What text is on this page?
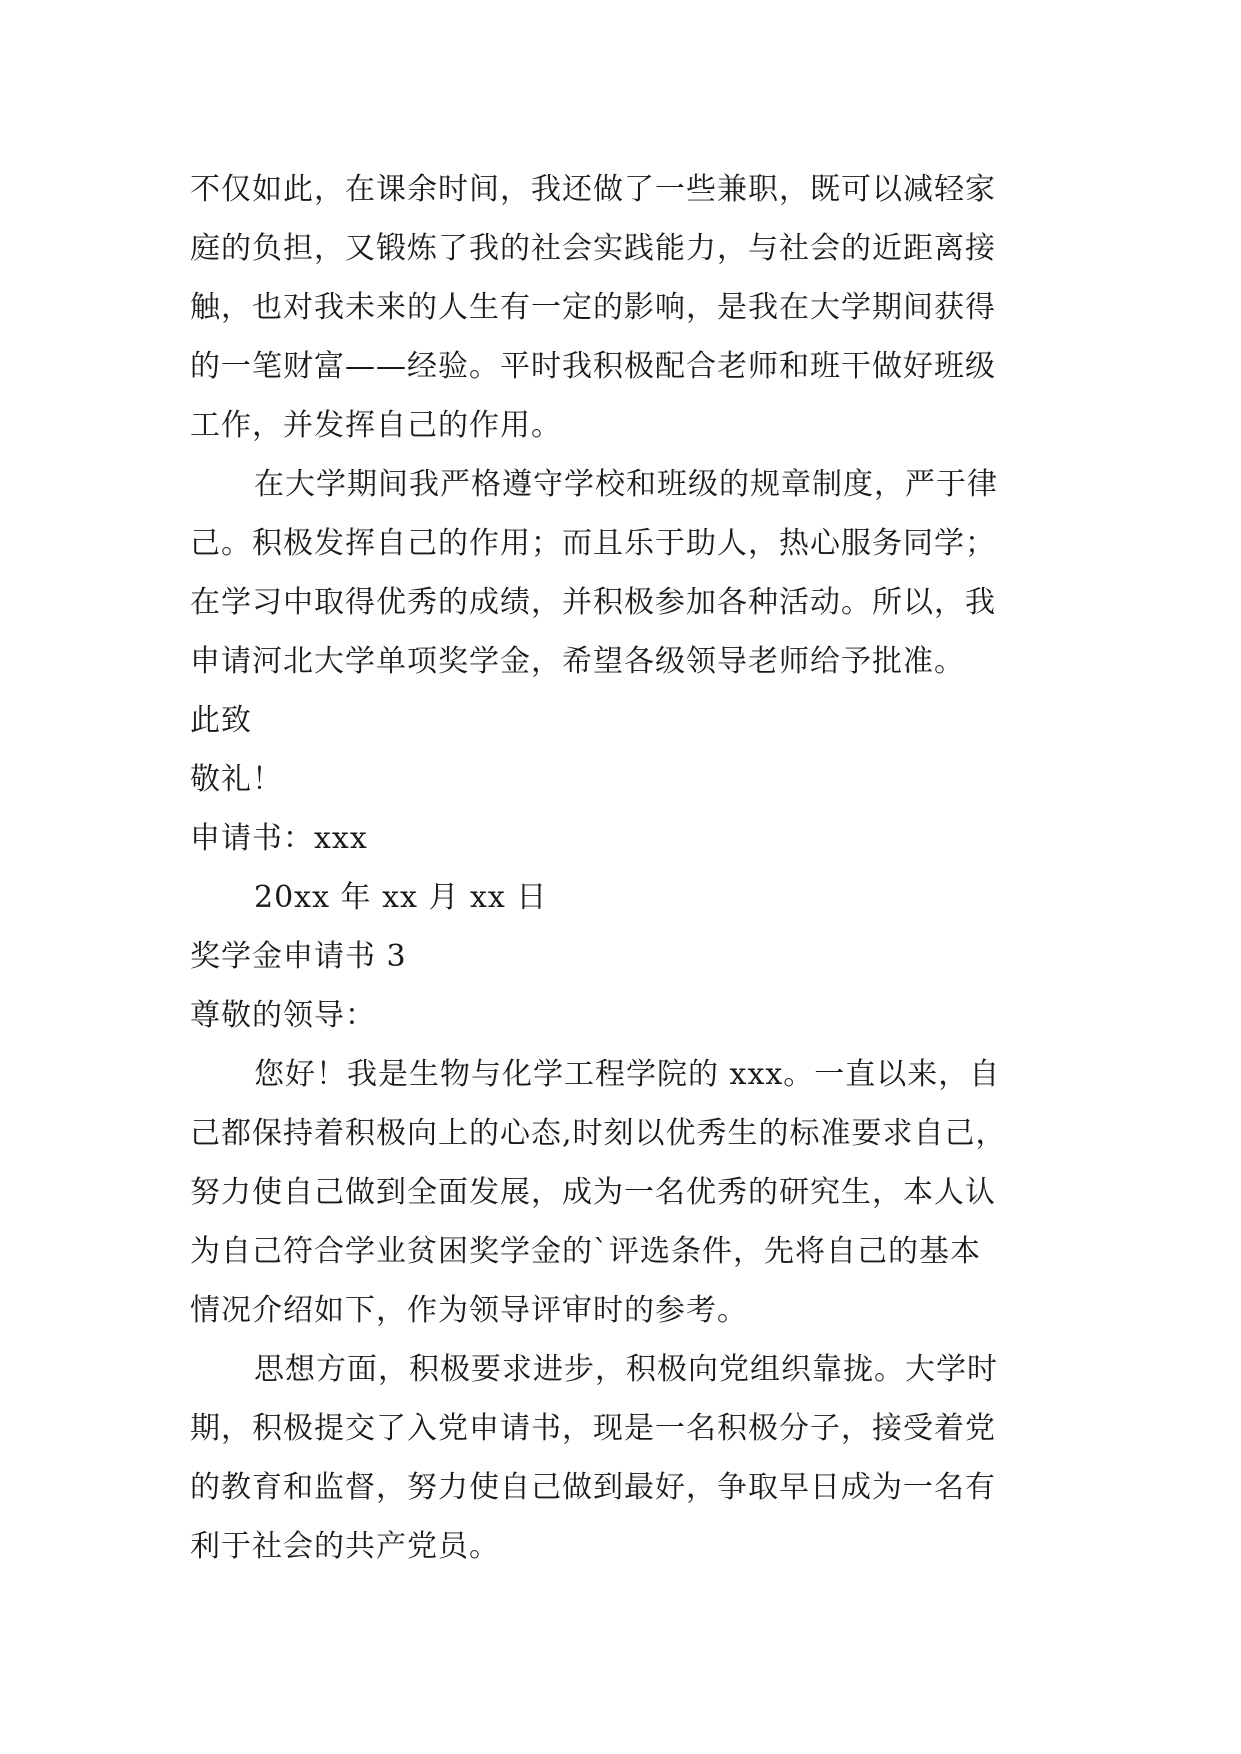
不仅如此，在课余时间，我还做了一些兼职，既可以减轻家
庭的负担，又锻炼了我的社会实践能力，与社会的近距离接
触，也对我未来的人生有一定的影响，是我在大学期间获得
的一笔财富——经验。平时我积极配合老师和班干做好班级
工作，并发挥自己的作用。
在大学期间我严格遵守学校和班级的规章制度，严于律
己。积极发挥自己的作用；而且乐于助人，热心服务同学；
在学习中取得优秀的成绩，并积极参加各种活动。所以，我
申请河北大学单项奖学金，希望各级领导老师给予批准。
此致
敬礼！
申请书：xxx
20xx 年 xx 月 xx 日
奖学金申请书 3
尊敬的领导：
您好！我是生物与化学工程学院的 xxx。一直以来，自
己都保持着积极向上的心态,时刻以优秀生的标准要求自己，
努力使自己做到全面发展，成为一名优秀的研究生，本人认
为自己符合学业贫困奖学金的`评选条件，先将自己的基本
情况介绍如下，作为领导评审时的参考。
思想方面，积极要求进步，积极向党组织靠拢。大学时
期，积极提交了入党申请书，现是一名积极分子，接受着党
的教育和监督，努力使自己做到最好，争取早日成为一名有
利于社会的共产党员。
